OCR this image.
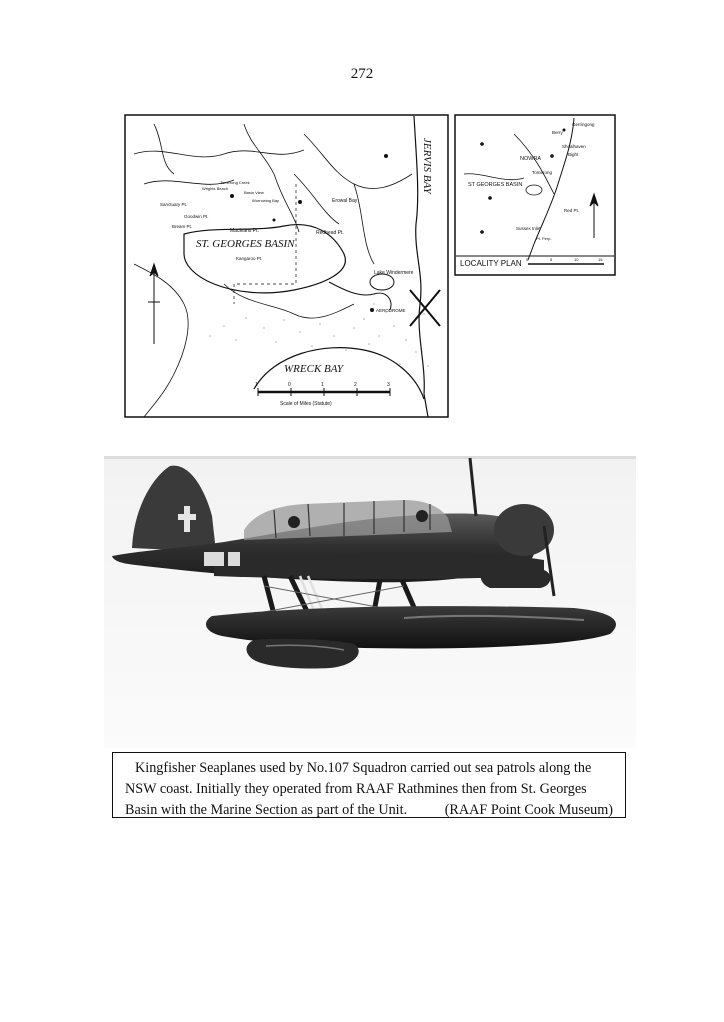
272
JERVIS BAY
ST. GEORGES BASIN
WRECK BAY
Lake Windermere
AERODROME
Erowal Bay
Sanctuary Pt.
Goodwin Pt.
Macleans Pt.	Redhead Pt.
Kangaroo Pt.
Wrights Beach
Basin View
Bream Pt.
Tomerong Creek
Worrowing Bay
1	0	1	2	3
Scale of Miles (Statute)
Gerringong
Berry
Shoalhaven
Bight
NOWRA
Tomerong
ST GEORGES BASIN
Sussex Inlet
Red Pt.
Pt. Perp.
LOCALITY PLAN 0	5	10	15
Kingfisher Seaplanes used by No.107 Squadron carried out sea patrols along the
NSW coast. Initially they operated from RAAF Rathmines then from St. Georges
Basin with the Marine Section as part of the Unit.	(RAAF Point Cook Museum)
